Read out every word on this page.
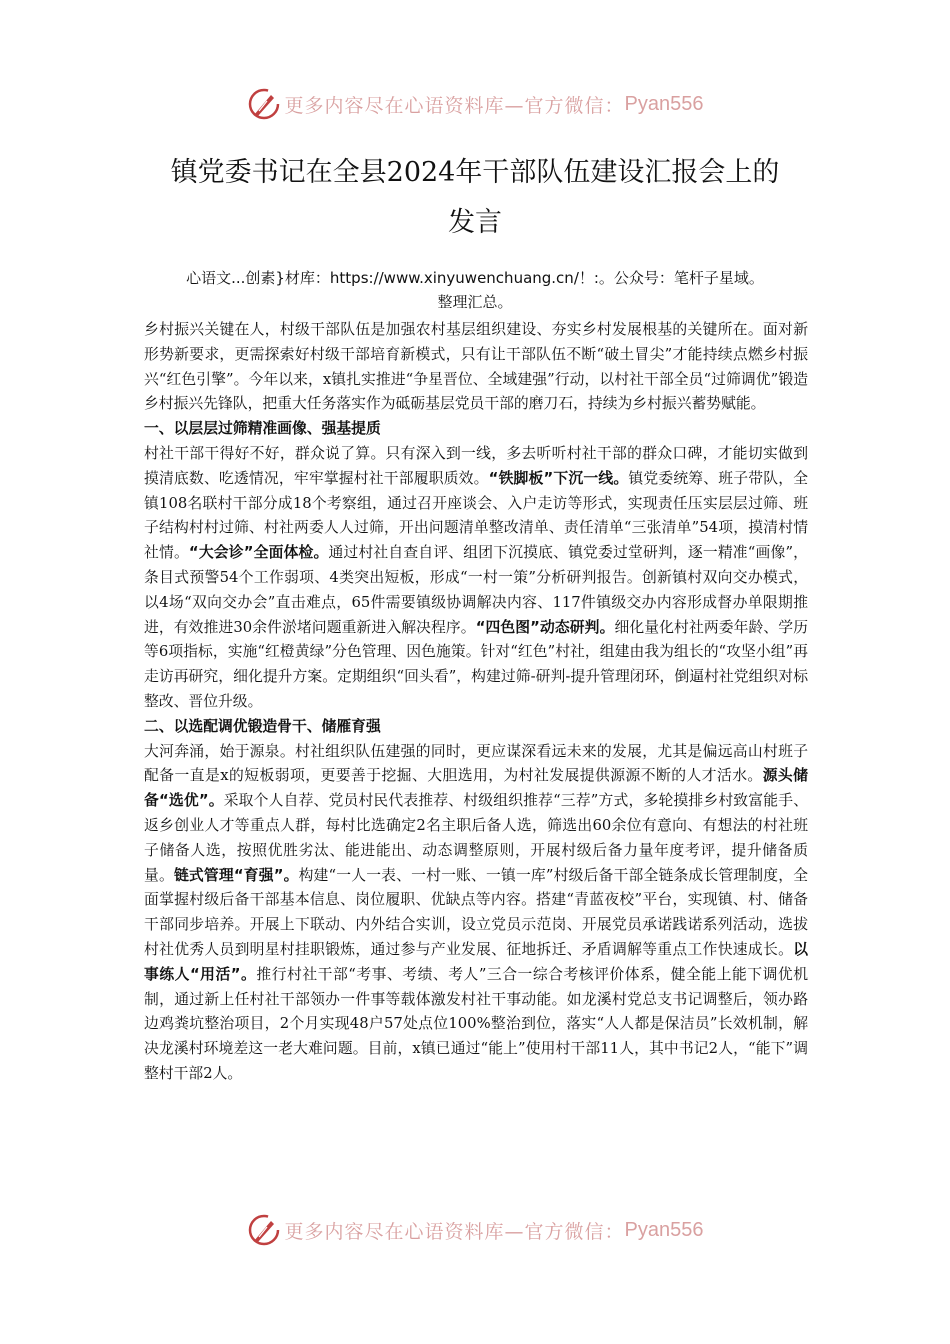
更多内容尽在心语资料库—官方微信： Pyan556
镇党委书记在全县2024年干部队伍建设汇报会上的
发言
心语文...创素}材库：https://www.xinyuwenchuang.cn/！:。公众号：笔杆子星域。
整理汇总。

乡村振兴关键在人，村级干部队伍是加强农村基层组织建设、夯实乡村发展根基的关键所在。面对新形势新要求，更需探索好村级干部培育新模式，只有让干部队伍不断“破土冒尖”才能持续点燃乡村振兴“红色引擎”。今年以来，x镇扎实推进“争星晋位、全域建强”行动，以村社干部全员“过筛调优”锻造乡村振兴先锋队，把重大任务落实作为砥砺基层党员干部的磨刀石，持续为乡村振兴蓄势赋能。

一、以层层过筛精准画像、强基提质

村社干部干得好不好，群众说了算。只有深入到一线，多去听听村社干部的群众口碑，才能切实做到摸清底数、吃透情况，牢牢掌握村社干部履职质效。“铁脚板”下沉一线。镇党委统筹、班子带队，全镇108名联村干部分成18个考察组，通过召开座谈会、入户走访等形式，实现责任压实层层过筛、班子结构村村过筛、村社两委人人过筛，开出问题清单整改清单、责任清单“三张清单”54项，摸清村情社情。“大会诊”全面体检。通过村社自查自评、组团下沉摸底、镇党委过堂研判，逐一精准“画像”，条目式预警54个工作弱项、4类突出短板，形成“一村一策”分析研判报告。创新镇村双向交办模式，以4场“双向交办会”直击难点，65件需要镇级协调解决内容、117件镇级交办内容形成督办单限期推进，有效推进30余件淤堵问题重新进入解决程序。“四色图”动态研判。细化量化村社两委年龄、学历等6项指标，实施“红橙黄绿”分色管理、因色施策。针对“红色”村社，组建由我为组长的“攻坚小组”再走访再研究，细化提升方案。定期组织“回头看”，构建过筛-研判-提升管理闭环，倒逼村社党组织对标整改、晋位升级。

二、以选配调优锻造骨干、储雁育强

大河奔涌，始于源泉。村社组织队伍建强的同时，更应谋深看远未来的发展，尤其是偏远高山村班子配备一直是x的短板弱项，更要善于挖掘、大胆选用，为村社发展提供源源不断的人才活水。源头储备“选优”。采取个人自荐、党员村民代表推荐、村级组织推荐“三荐”方式，多轮摸排乡村致富能手、返乡创业人才等重点人群，每村比选确定2名主职后备人选，筛选出60余位有意向、有想法的村社班子储备人选，按照优胜劣汰、能进能出、动态调整原则，开展村级后备力量年度考评，提升储备质量。链式管理“育强”。构建“一人一表、一村一账、一镇一库”村级后备干部全链条成长管理制度，全面掌握村级后备干部基本信息、岗位履职、优缺点等内容。搭建“青蓝夜校”平台，实现镇、村、储备干部同步培养。开展上下联动、内外结合实训，设立党员示范岗、开展党员承诺践诺系列活动，选拔村社优秀人员到明星村挂职锻炼，通过参与产业发展、征地拆迁、矛盾调解等重点工作快速成长。以事练人“用活”。推行村社干部“考事、考绩、考人”三合一综合考核评价体系，健全能上能下调优机制，通过新上任村社干部领办一件事等载体激发村社干事动能。如龙溪村党总支书记调整后，领办路边鸡粪坑整治项目，2个月实现48户57处点位100%整治到位，落实“人人都是保洁员”长效机制，解决龙溪村环境差这一老大难问题。目前，x镇已通过“能上”使用村干部11人，其中书记2人，“能下”调整村干部2人。

更多内容尽在心语资料库—官方微信： Pyan556
